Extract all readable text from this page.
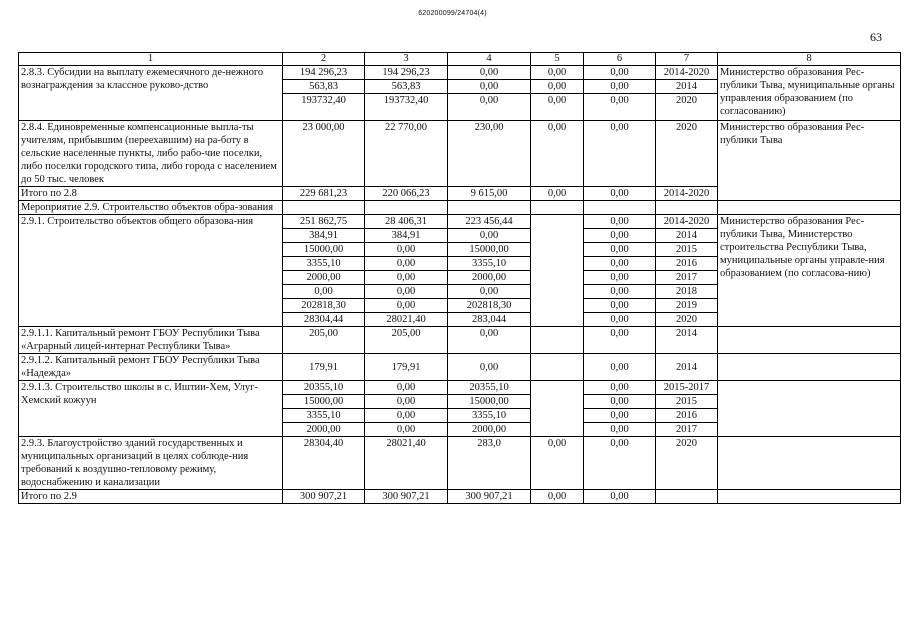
620200099/24704(4)
63
1	2	3	4	5	6	7	8
2.8.3. Субсидии на выплату ежемесячного де-нежного вознаграждения за классное руково-дство	194 296,23	194 296,23	0,00	0,00	0,00	2014-2020	Министерство образования Рес-публики Тыва, муниципальные органы управления образованием (по согласованию)
	563,83	563,83	0,00	0,00	0,00	2014	
	193732,40	193732,40	0,00	0,00	0,00	2020	
2.8.4. Единовременные компенсационные выпла-ты учителям, прибывшим (переехавшим) на ра-боту в сельские населенные пункты, либо рабо-чие поселки, либо поселки городского типа, либо города с населением до 50 тыс. человек	23 000,00	22 770,00	230,00	0,00	0,00	2020	Министерство образования Рес-публики Тыва
Итого по 2.8	229 681,23	220 066,23	9 615,00	0,00	0,00	2014-2020	
Мероприятие 2.9. Строительство объектов обра-зования							
2.9.1. Строительство объектов общего образова-ния	251 862,75	28 406,31	223 456,44		0,00	2014-2020	Министерство образования Рес-публики Тыва, Министерство строительства Республики Тыва, муниципальные органы управле-ния образованием (по согласова-нию)
	384,91	384,91	0,00		0,00	2014	
	15000,00	0,00	15000,00		0,00	2015	
	3355,10	0,00	3355,10		0,00	2016	
	2000,00	0,00	2000,00		0,00	2017	
	0,00	0,00	0,00		0,00	2018	
	202818,30	0,00	202818,30		0,00	2019	
	28304,44	28021,40	283,044		0,00	2020	
2.9.1.1. Капитальный ремонт ГБОУ Республики Тыва «Аграрный лицей-интернат Республики Тыва»	205,00	205,00	0,00		0,00	2014	
2.9.1.2. Капитальный ремонт ГБОУ Республики Тыва «Надежда»	179,91	179,91	0,00		0,00	2014	
2.9.1.3. Строительство школы в с. Иштии-Хем, Улуг-Хемский кожуун	20355,10	0,00	20355,10		0,00	2015-2017	
	15000,00	0,00	15000,00		0,00	2015	
	3355,10	0,00	3355,10		0,00	2016	
	2000,00	0,00	2000,00		0,00	2017	
2.9.3. Благоустройство зданий государственных и муниципальных организаций в целях соблюде-ния требований к воздушно-тепловому режиму, водоснабжению и канализации	28304,40	28021,40	283,0	0,00	0,00	2020	
Итого по 2.9	300 907,21	300 907,21	300 907,21	0,00	0,00		
